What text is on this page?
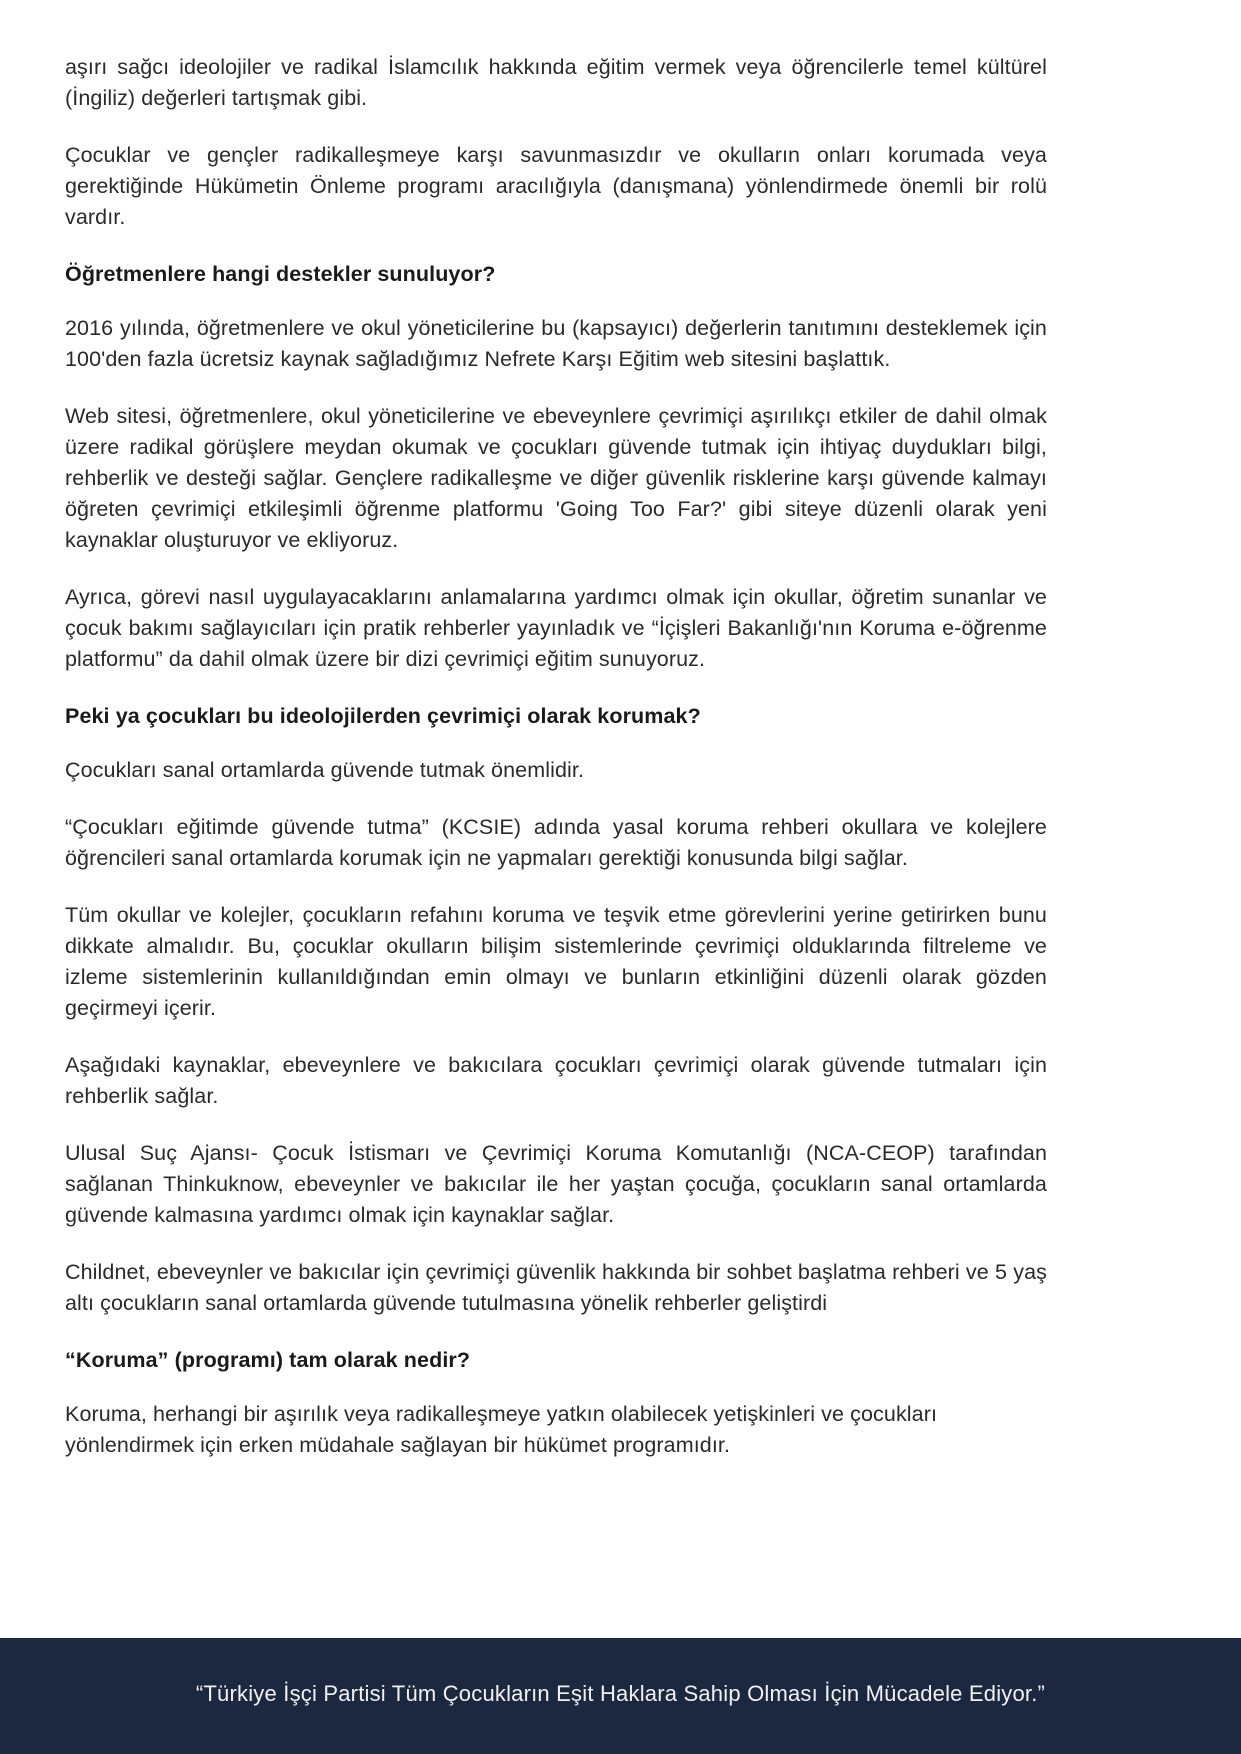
aşırı sağcı ideolojiler ve radikal İslamcılık hakkında eğitim vermek veya öğrencilerle temel kültürel (İngiliz) değerleri tartışmak gibi.

Çocuklar ve gençler radikalleşmeye karşı savunmasızdır ve okulların onları korumada veya gerektiğinde Hükümetin Önleme programı aracılığıyla (danışmana) yönlendirmede önemli bir rolü vardır.

Öğretmenlere hangi destekler sunuluyor?

2016 yılında, öğretmenlere ve okul yöneticilerine bu (kapsayıcı) değerlerin tanıtımını desteklemek için 100'den fazla ücretsiz kaynak sağladığımız Nefrete Karşı Eğitim web sitesini başlattık.

Web sitesi, öğretmenlere, okul yöneticilerine ve ebeveynlere çevrimiçi aşırılıkçı etkiler de dahil olmak üzere radikal görüşlere meydan okumak ve çocukları güvende tutmak için ihtiyaç duydukları bilgi, rehberlik ve desteği sağlar. Gençlere radikalleşme ve diğer güvenlik risklerine karşı güvende kalmayı öğreten çevrimiçi etkileşimli öğrenme platformu 'Going Too Far?' gibi siteye düzenli olarak yeni kaynaklar oluşturuyor ve ekliyoruz.

Ayrıca, görevi nasıl uygulayacaklarını anlamalarına yardımcı olmak için okullar, öğretim sunanlar ve çocuk bakımı sağlayıcıları için pratik rehberler yayınladık ve “İçişleri Bakanlığı'nın Koruma e-öğrenme platformu” da dahil olmak üzere bir dizi çevrimiçi eğitim sunuyoruz.

Peki ya çocukları bu ideolojilerden çevrimiçi olarak korumak?

Çocukları sanal ortamlarda güvende tutmak önemlidir.

“Çocukları eğitimde güvende tutma” (KCSIE) adında yasal koruma rehberi okullara ve kolejlere öğrencileri sanal ortamlarda korumak için ne yapmaları gerektiği konusunda bilgi sağlar.

Tüm okullar ve kolejler, çocukların refahını koruma ve teşvik etme görevlerini yerine getirirken bunu dikkate almalıdır. Bu, çocuklar okulların bilişim sistemlerinde çevrimiçi olduklarında filtreleme ve izleme sistemlerinin kullanıldığından emin olmayı ve bunların etkinliğini düzenli olarak gözden geçirmeyi içerir.

Aşağıdaki kaynaklar, ebeveynlere ve bakıcılara çocukları çevrimiçi olarak güvende tutmaları için rehberlik sağlar.

Ulusal Suç Ajansı- Çocuk İstismarı ve Çevrimiçi Koruma Komutanlığı (NCA-CEOP) tarafından sağlanan Thinkuknow, ebeveynler ve bakıcılar ile her yaştan çocuğa, çocukların sanal ortamlarda güvende kalmasına yardımcı olmak için kaynaklar sağlar.

Childnet, ebeveynler ve bakıcılar için çevrimiçi güvenlik hakkında bir sohbet başlatma rehberi ve 5 yaş altı çocukların sanal ortamlarda güvende tutulmasına yönelik rehberler geliştirdi

“Koruma” (programı) tam olarak nedir?

Koruma, herhangi bir aşırılık veya radikalleşmeye yatkın olabilecek yetişkinleri ve çocukları yönlendirmek için erken müdahale sağlayan bir hükümet programıdır.

“Türkiye İşçi Partisi Tüm Çocukların Eşit Haklara Sahip Olması İçin Mücadele Ediyor.”
